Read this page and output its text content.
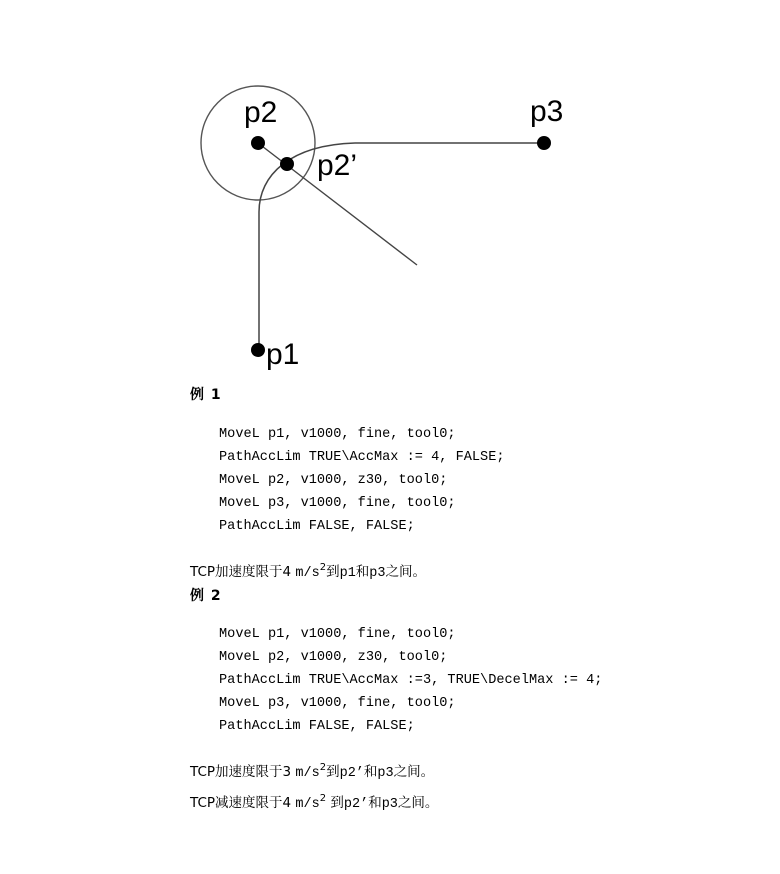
p2
p2’
p3
p1
例 1
MoveL p1, v1000, fine, tool0;
PathAccLim TRUE\AccMax := 4, FALSE;
MoveL p2, v1000, z30, tool0;
MoveL p3, v1000, fine, tool0;
PathAccLim FALSE, FALSE;
TCP加速度限于4 $m/s^2$到p1和p3之间。
例 2
MoveL p1, v1000, fine, tool0;
MoveL p2, v1000, z30, tool0;
PathAccLim TRUE\AccMax :=3, TRUE\DecelMax := 4;
MoveL p3, v1000, fine, tool0;
PathAccLim FALSE, FALSE;
TCP加速度限于3 $m/s^2$到p2’和p3之间。
TCP减速度限于4 $m/s^2$ 到p2’和p3之间。
